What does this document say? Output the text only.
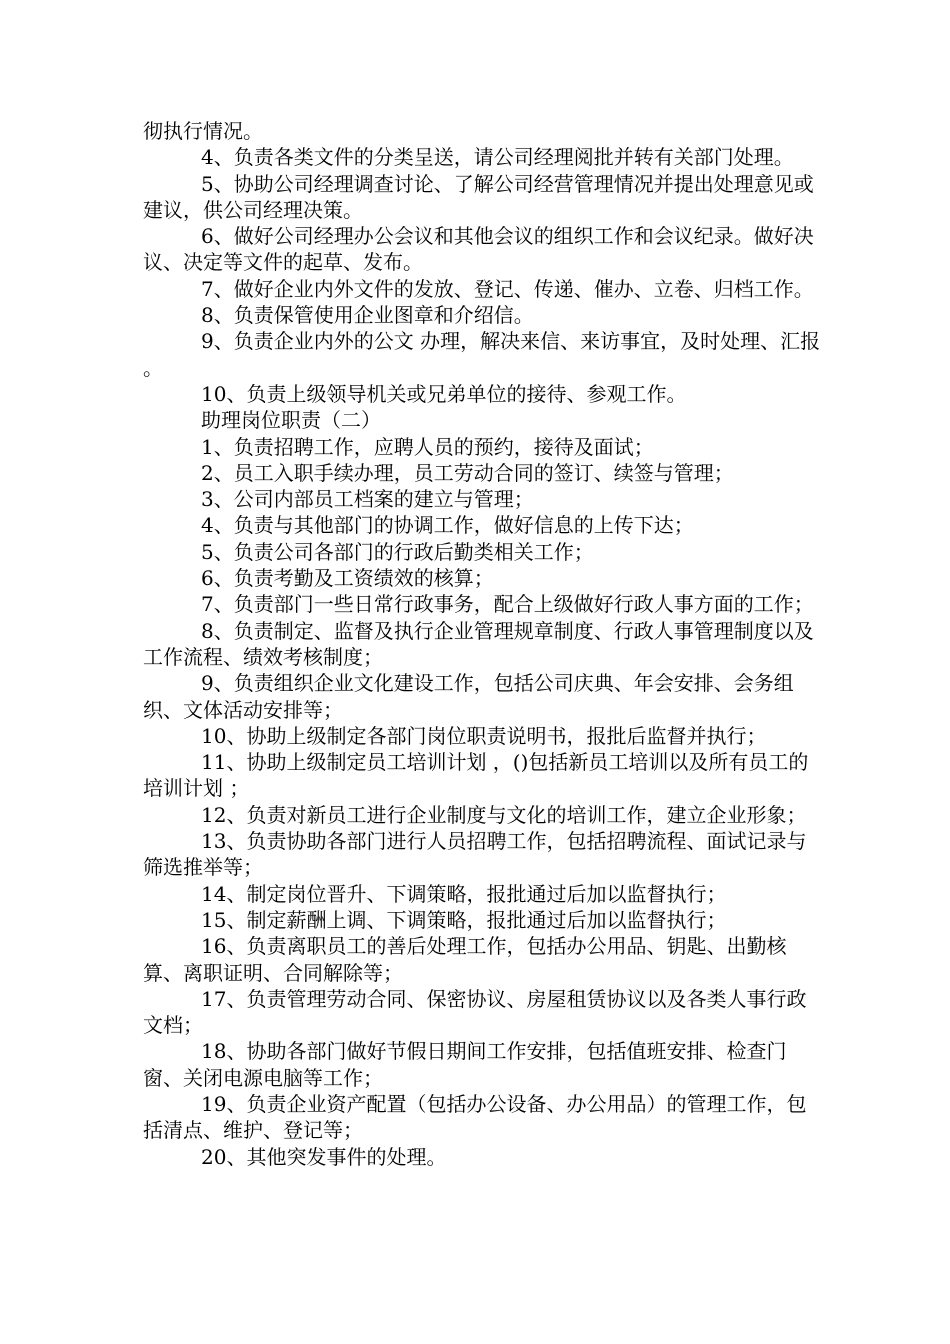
彻执行情况。

4、负责各类文件的分类呈送，请公司经理阅批并转有关部门处理。

5、协助公司经理调查讨论、了解公司经营管理情况并提出处理意见或建议，供公司经理决策。

6、做好公司经理办公会议和其他会议的组织工作和会议纪录。做好决议、决定等文件的起草、发布。

7、做好企业内外文件的发放、登记、传递、催办、立卷、归档工作。

8、负责保管使用企业图章和介绍信。

9、负责企业内外的公文 办理，解决来信、来访事宜，及时处理、汇报 。

10、负责上级领导机关或兄弟单位的接待、参观工作。

助理岗位职责（二）

1、负责招聘工作，应聘人员的预约，接待及面试；

2、员工入职手续办理，员工劳动合同的签订、续签与管理；

3、公司内部员工档案的建立与管理；

4、负责与其他部门的协调工作，做好信息的上传下达；

5、负责公司各部门的行政后勤类相关工作；

6、负责考勤及工资绩效的核算；

7、负责部门一些日常行政事务，配合上级做好行政人事方面的工作；

8、负责制定、监督及执行企业管理规章制度、行政人事管理制度以及工作流程、绩效考核制度；

9、负责组织企业文化建设工作，包括公司庆典、年会安排、会务组织、文体活动安排等；

10、协助上级制定各部门岗位职责说明书，报批后监督并执行；

11、协助上级制定员工培训计划 ，()包括新员工培训以及所有员工的培训计划 ；

12、负责对新员工进行企业制度与文化的培训工作，建立企业形象；

13、负责协助各部门进行人员招聘工作，包括招聘流程、面试记录与筛选推举等；

14、制定岗位晋升、下调策略，报批通过后加以监督执行；

15、制定薪酬上调、下调策略，报批通过后加以监督执行；

16、负责离职员工的善后处理工作，包括办公用品、钥匙、出勤核算、离职证明、合同解除等；

17、负责管理劳动合同、保密协议、房屋租赁协议以及各类人事行政文档；

18、协助各部门做好节假日期间工作安排，包括值班安排、检查门窗、关闭电源电脑等工作；

19、负责企业资产配置（包括办公设备、办公用品）的管理工作，包括清点、维护、登记等；

20、其他突发事件的处理。
